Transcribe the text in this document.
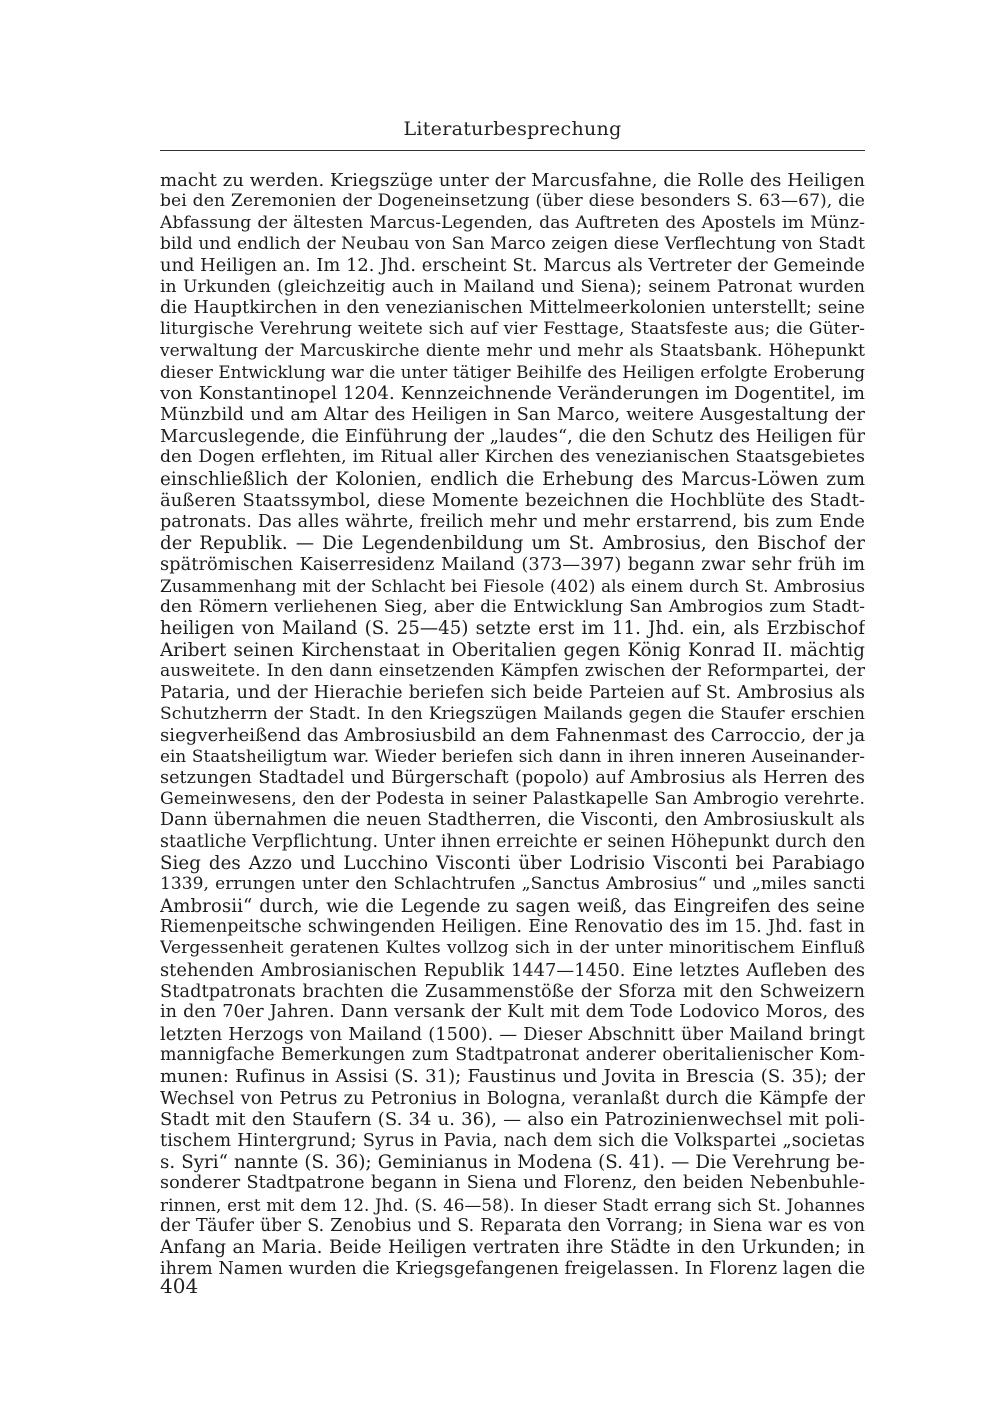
Literaturbesprechung
macht zu werden. Kriegszüge unter der Marcusfahne, die Rolle des Heiligen
bei den Zeremonien der Dogeneinsetzung (über diese besonders S. 63—67), die
Abfassung der ältesten Marcus-Legenden, das Auftreten des Apostels im Münz-
bild und endlich der Neubau von San Marco zeigen diese Verflechtung von Stadt
und Heiligen an. Im 12. Jhd. erscheint St. Marcus als Vertreter der Gemeinde
in Urkunden (gleichzeitig auch in Mailand und Siena); seinem Patronat wurden
die Hauptkirchen in den venezianischen Mittelmeerkolonien unterstellt; seine
liturgische Verehrung weitete sich auf vier Festtage, Staatsfeste aus; die Güter-
verwaltung der Marcuskirche diente mehr und mehr als Staatsbank. Höhepunkt
dieser Entwicklung war die unter tätiger Beihilfe des Heiligen erfolgte Eroberung
von Konstantinopel 1204. Kennzeichnende Veränderungen im Dogentitel, im
Münzbild und am Altar des Heiligen in San Marco, weitere Ausgestaltung der
Marcuslegende, die Einführung der „laudes“, die den Schutz des Heiligen für
den Dogen erflehten, im Ritual aller Kirchen des venezianischen Staatsgebietes
einschließlich der Kolonien, endlich die Erhebung des Marcus-Löwen zum
äußeren Staatssymbol, diese Momente bezeichnen die Hochblüte des Stadt-
patronats. Das alles währte, freilich mehr und mehr erstarrend, bis zum Ende
der Republik. — Die Legendenbildung um St. Ambrosius, den Bischof der
spätrömischen Kaiserresidenz Mailand (373—397) begann zwar sehr früh im
Zusammenhang mit der Schlacht bei Fiesole (402) als einem durch St. Ambrosius
den Römern verliehenen Sieg, aber die Entwicklung San Ambrogios zum Stadt-
heiligen von Mailand (S. 25—45) setzte erst im 11. Jhd. ein, als Erzbischof
Aribert seinen Kirchenstaat in Oberitalien gegen König Konrad II. mächtig
ausweitete. In den dann einsetzenden Kämpfen zwischen der Reformpartei, der
Pataria, und der Hierachie beriefen sich beide Parteien auf St. Ambrosius als
Schutzherrn der Stadt. In den Kriegszügen Mailands gegen die Staufer erschien
siegverheißend das Ambrosiusbild an dem Fahnenmast des Carroccio, der ja
ein Staatsheiligtum war. Wieder beriefen sich dann in ihren inneren Auseinander-
setzungen Stadtadel und Bürgerschaft (popolo) auf Ambrosius als Herren des
Gemeinwesens, den der Podesta in seiner Palastkapelle San Ambrogio verehrte.
Dann übernahmen die neuen Stadtherren, die Visconti, den Ambrosiuskult als
staatliche Verpflichtung. Unter ihnen erreichte er seinen Höhepunkt durch den
Sieg des Azzo und Lucchino Visconti über Lodrisio Visconti bei Parabiago
1339, errungen unter den Schlachtrufen „Sanctus Ambrosius“ und „miles sancti
Ambrosii“ durch, wie die Legende zu sagen weiß, das Eingreifen des seine
Riemenpeitsche schwingenden Heiligen. Eine Renovatio des im 15. Jhd. fast in
Vergessenheit geratenen Kultes vollzog sich in der unter minoritischem Einfluß
stehenden Ambrosianischen Republik 1447—1450. Eine letztes Aufleben des
Stadtpatronats brachten die Zusammenstöße der Sforza mit den Schweizern
in den 70er Jahren. Dann versank der Kult mit dem Tode Lodovico Moros, des
letzten Herzogs von Mailand (1500). — Dieser Abschnitt über Mailand bringt
mannigfache Bemerkungen zum Stadtpatronat anderer oberitalienischer Kom-
munen: Rufinus in Assisi (S. 31); Faustinus und Jovita in Brescia (S. 35); der
Wechsel von Petrus zu Petronius in Bologna, veranlaßt durch die Kämpfe der
Stadt mit den Staufern (S. 34 u. 36), — also ein Patrozinienwechsel mit poli-
tischem Hintergrund; Syrus in Pavia, nach dem sich die Volkspartei „societas
s. Syri“ nannte (S. 36); Geminianus in Modena (S. 41). — Die Verehrung be-
sonderer Stadtpatrone begann in Siena und Florenz, den beiden Nebenbuhle-
rinnen, erst mit dem 12. Jhd. (S. 46—58). In dieser Stadt errang sich St. Johannes
der Täufer über S. Zenobius und S. Reparata den Vorrang; in Siena war es von
Anfang an Maria. Beide Heiligen vertraten ihre Städte in den Urkunden; in
ihrem Namen wurden die Kriegsgefangenen freigelassen. In Florenz lagen die
404
